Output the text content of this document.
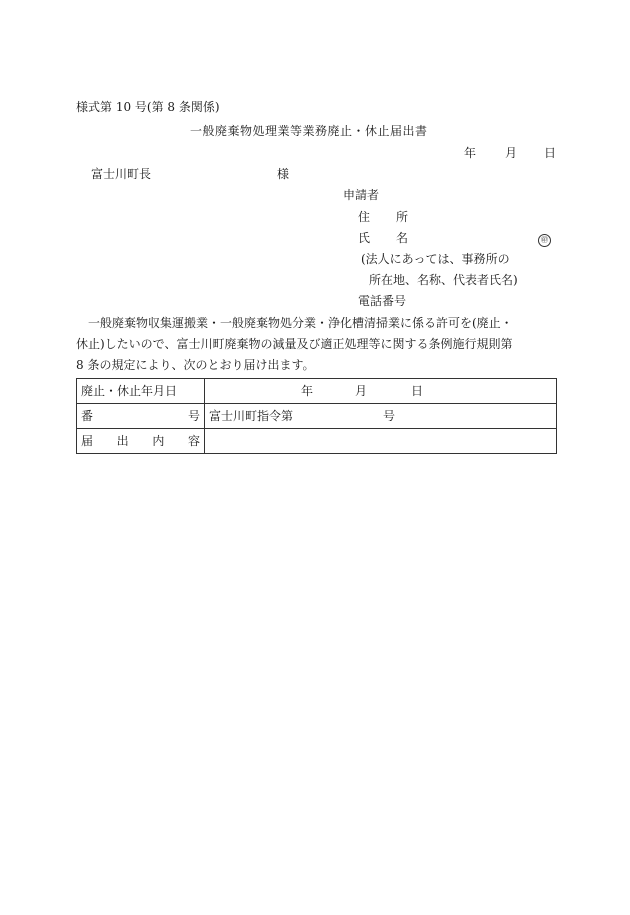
様式第 10 号(第 8 条関係)
一般廃棄物処理業等業務廃止・休止届出書
年 月 日
富士川町長	様
申請者
住 所
氏 名	㊞
(法人にあっては、事務所の
所在地、名称、代表者氏名)
電話番号
一般廃棄物収集運搬業・一般廃棄物処分業・浄化槽清掃業に係る許可を(廃止・
休止)したいので、富士川町廃棄物の減量及び適正処理等に関する条例施行規則第
8 条の規定により、次のとおり届け出ます。
廃止・休止年月日	年 月 日

番 号	富士川町指令第 号

届 出 内 容	
